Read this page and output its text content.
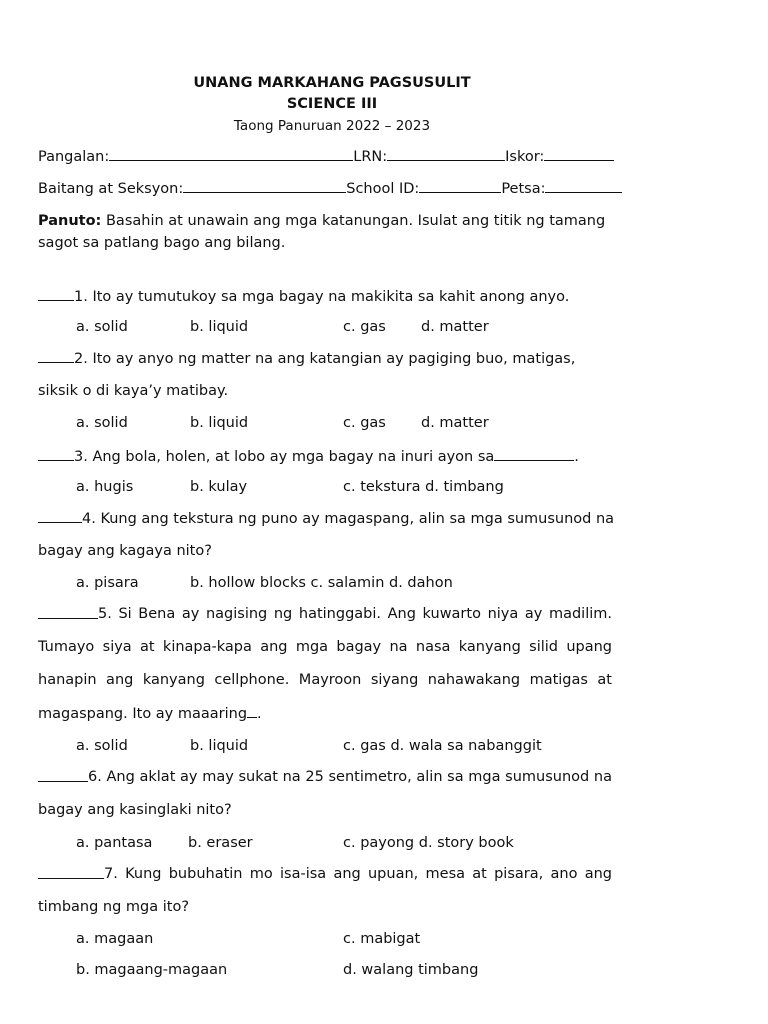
UNANG MARKAHANG PAGSUSULIT
SCIENCE III
Taong Panuruan 2022 – 2023
Pangalan:	LRN:	Iskor:
Baitang at Seksyon:	School ID:	Petsa:
Panuto: Basahin at unawain ang mga katanungan. Isulat ang titik ng tamang
sagot sa patlang bago ang bilang.
1. Ito ay tumutukoy sa mga bagay na makikita sa kahit anong anyo.
a. solid	b. liquid	c. gas d. matter
2. Ito ay anyo ng matter na ang katangian ay pagiging buo, matigas,
siksik o di kaya’y matibay.
a. solid	b. liquid	c. gas d. matter
3. Ang bola, holen, at lobo ay mga bagay na inuri ayon sa	.
a. hugis	b. kulay	c. tekstura d. timbang
4. Kung ang tekstura ng puno ay magaspang, alin sa mga sumusunod na
bagay ang kagaya nito?
a. pisara	b. hollow blocks c. salamin d. dahon
5. Si Bena ay nagising ng hatinggabi. Ang kuwarto niya ay madilim.
Tumayo siya at kinapa-kapa ang mga bagay na nasa kanyang silid upang
hanapin ang kanyang cellphone. Mayroon siyang nahawakang matigas at
magaspang. Ito ay maaaring .
a. solid	b. liquid	c. gas d. wala sa nabanggit
6. Ang aklat ay may sukat na 25 sentimetro, alin sa mga sumusunod na
bagay ang kasinglaki nito?
a. pantasa b. eraser	c. payong d. story book
7. Kung bubuhatin mo isa-isa ang upuan, mesa at pisara, ano ang
timbang ng mga ito?
a. magaan	c. mabigat
b. magaang-magaan	d. walang timbang
